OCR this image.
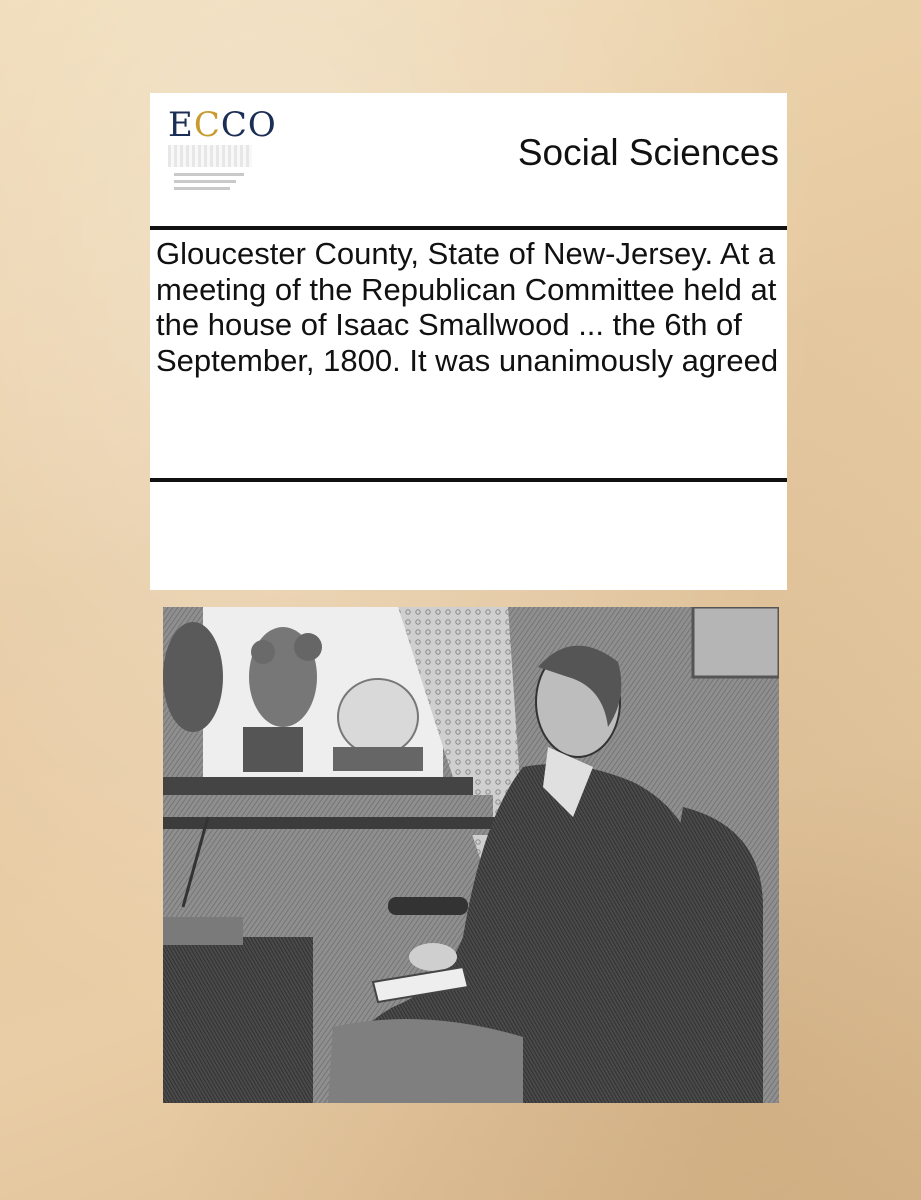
ECCO
Social Sciences
Gloucester County, State of New-Jersey. At a meeting of the Republican Committee held at the house of Isaac Smallwood ... the 6th of September, 1800. It was unanimously agreed
